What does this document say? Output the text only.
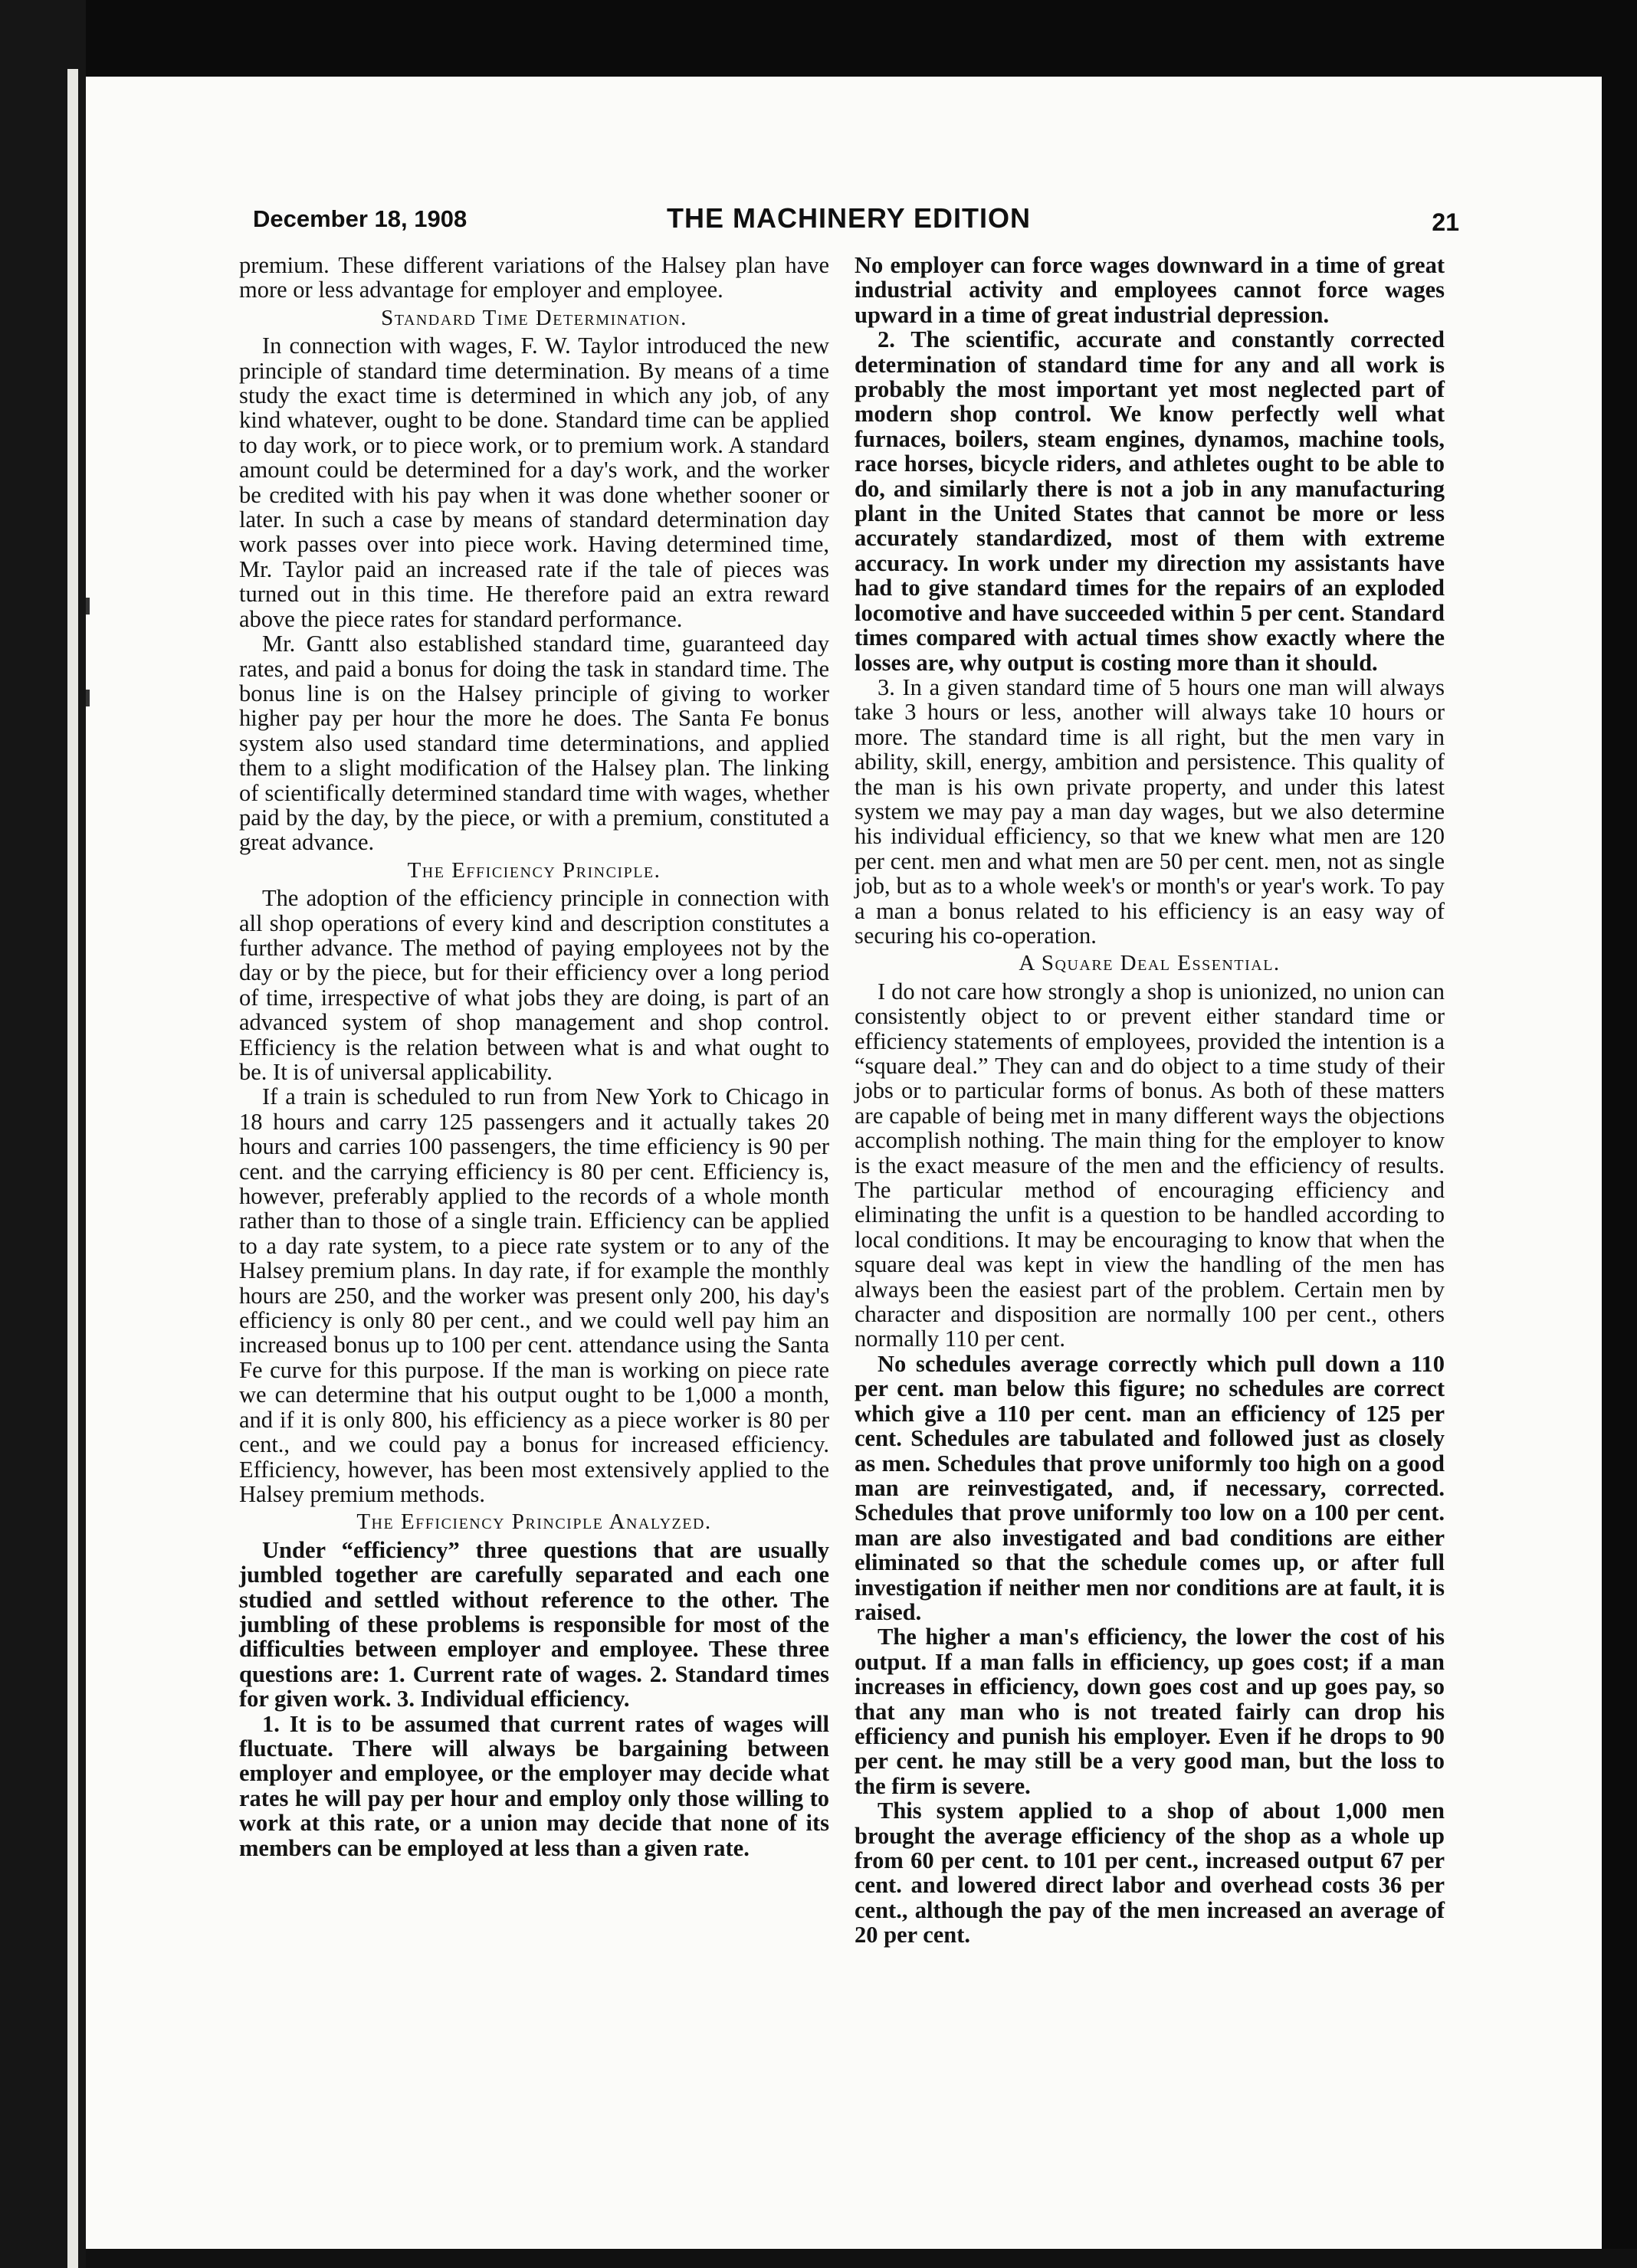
December 18, 1908	THE MACHINERY EDITION	21

premium. These different variations of the Halsey plan have more or less advantage for employer and employee.

Standard Time Determination.

In connection with wages, F. W. Taylor introduced the new principle of standard time determination. By means of a time study the exact time is determined in which any job, of any kind whatever, ought to be done. Standard time can be applied to day work, or to piece work, or to premium work. A standard amount could be determined for a day's work, and the worker be credited with his pay when it was done whether sooner or later. In such a case by means of standard determination day work passes over into piece work. Having determined time, Mr. Taylor paid an increased rate if the tale of pieces was turned out in this time. He therefore paid an extra reward above the piece rates for standard performance.

Mr. Gantt also established standard time, guaranteed day rates, and paid a bonus for doing the task in standard time. The bonus line is on the Halsey principle of giving to worker higher pay per hour the more he does. The Santa Fe bonus system also used standard time determinations, and applied them to a slight modification of the Halsey plan. The linking of scientifically determined standard time with wages, whether paid by the day, by the piece, or with a premium, constituted a great advance.

The Efficiency Principle.

The adoption of the efficiency principle in connection with all shop operations of every kind and description constitutes a further advance. The method of paying employees not by the day or by the piece, but for their efficiency over a long period of time, irrespective of what jobs they are doing, is part of an advanced system of shop management and shop control. Efficiency is the relation between what is and what ought to be. It is of universal applicability.

If a train is scheduled to run from New York to Chicago in 18 hours and carry 125 passengers and it actually takes 20 hours and carries 100 passengers, the time efficiency is 90 per cent. and the carrying efficiency is 80 per cent. Efficiency is, however, preferably applied to the records of a whole month rather than to those of a single train. Efficiency can be applied to a day rate system, to a piece rate system or to any of the Halsey premium plans. In day rate, if for example the monthly hours are 250, and the worker was present only 200, his day's efficiency is only 80 per cent., and we could well pay him an increased bonus up to 100 per cent. attendance using the Santa Fe curve for this purpose. If the man is working on piece rate we can determine that his output ought to be 1,000 a month, and if it is only 800, his efficiency as a piece worker is 80 per cent., and we could pay a bonus for increased efficiency. Efficiency, however, has been most extensively applied to the Halsey premium methods.

The Efficiency Principle Analyzed.

Under “efficiency” three questions that are usually jumbled together are carefully separated and each one studied and settled without reference to the other. The jumbling of these problems is responsible for most of the difficulties between employer and employee. These three questions are: 1. Current rate of wages. 2. Standard times for given work. 3. Individual efficiency.

1. It is to be assumed that current rates of wages will fluctuate. There will always be bargaining between employer and employee, or the employer may decide what rates he will pay per hour and employ only those willing to work at this rate, or a union may decide that none of its members can be employed at less than a given rate.

No employer can force wages downward in a time of great industrial activity and employees cannot force wages upward in a time of great industrial depression.

2. The scientific, accurate and constantly corrected determination of standard time for any and all work is probably the most important yet most neglected part of modern shop control. We know perfectly well what furnaces, boilers, steam engines, dynamos, machine tools, race horses, bicycle riders, and athletes ought to be able to do, and similarly there is not a job in any manufacturing plant in the United States that cannot be more or less accurately standardized, most of them with extreme accuracy. In work under my direction my assistants have had to give standard times for the repairs of an exploded locomotive and have succeeded within 5 per cent. Standard times compared with actual times show exactly where the losses are, why output is costing more than it should.

3. In a given standard time of 5 hours one man will always take 3 hours or less, another will always take 10 hours or more. The standard time is all right, but the men vary in ability, skill, energy, ambition and persistence. This quality of the man is his own private property, and under this latest system we may pay a man day wages, but we also determine his individual efficiency, so that we knew what men are 120 per cent. men and what men are 50 per cent. men, not as single job, but as to a whole week's or month's or year's work. To pay a man a bonus related to his efficiency is an easy way of securing his co-operation.

A Square Deal Essential.

I do not care how strongly a shop is unionized, no union can consistently object to or prevent either standard time or efficiency statements of employees, provided the intention is a “square deal.” They can and do object to a time study of their jobs or to particular forms of bonus. As both of these matters are capable of being met in many different ways the objections accomplish nothing. The main thing for the employer to know is the exact measure of the men and the efficiency of results. The particular method of encouraging efficiency and eliminating the unfit is a question to be handled according to local conditions. It may be encouraging to know that when the square deal was kept in view the handling of the men has always been the easiest part of the problem. Certain men by character and disposition are normally 100 per cent., others normally 110 per cent.

No schedules average correctly which pull down a 110 per cent. man below this figure; no schedules are correct which give a 110 per cent. man an efficiency of 125 per cent. Schedules are tabulated and followed just as closely as men. Schedules that prove uniformly too high on a good man are reinvestigated, and, if necessary, corrected. Schedules that prove uniformly too low on a 100 per cent. man are also investigated and bad conditions are either eliminated so that the schedule comes up, or after full investigation if neither men nor conditions are at fault, it is raised.

The higher a man's efficiency, the lower the cost of his output. If a man falls in efficiency, up goes cost; if a man increases in efficiency, down goes cost and up goes pay, so that any man who is not treated fairly can drop his efficiency and punish his employer. Even if he drops to 90 per cent. he may still be a very good man, but the loss to the firm is severe.

This system applied to a shop of about 1,000 men brought the average efficiency of the shop as a whole up from 60 per cent. to 101 per cent., increased output 67 per cent. and lowered direct labor and overhead costs 36 per cent., although the pay of the men increased an average of 20 per cent.
